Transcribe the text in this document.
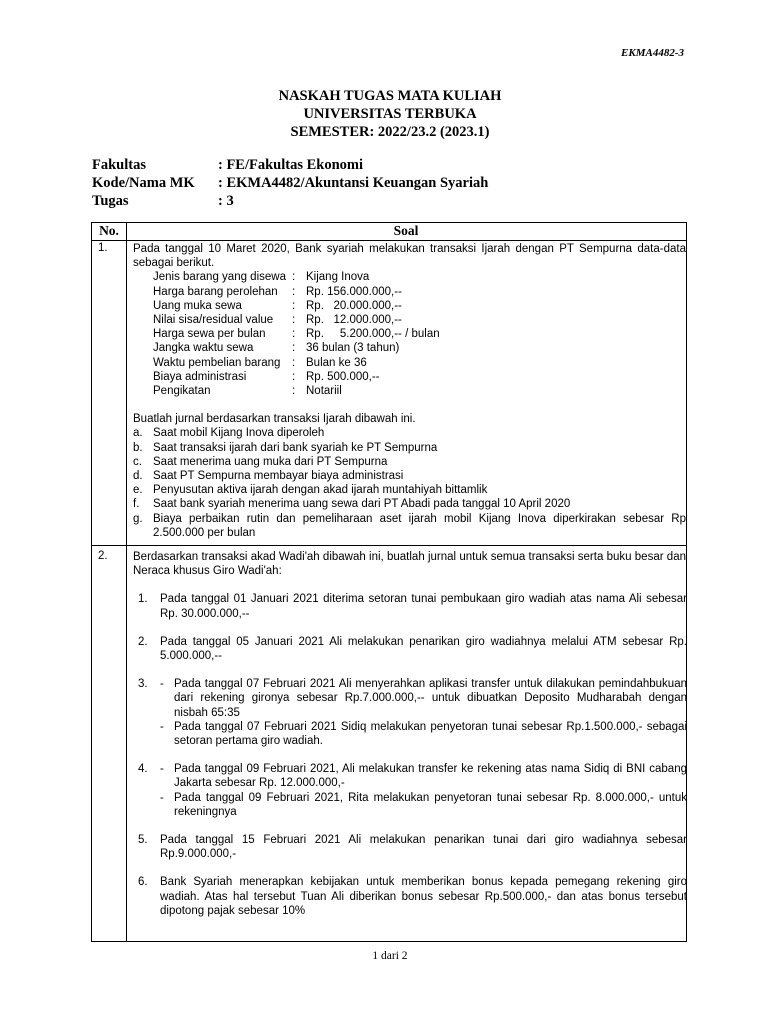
EKMA4482-3
NASKAH TUGAS MATA KULIAH
UNIVERSITAS TERBUKA
SEMESTER: 2022/23.2 (2023.1)
Fakultas	: FE/Fakultas Ekonomi
Kode/Nama MK	: EKMA4482/Akuntansi Keuangan Syariah
Tugas	: 3
No.	Soal
1. Pada tanggal 10 Maret 2020, Bank syariah melakukan transaksi Ijarah dengan PT Sempurna data-data sebagai berikut.
Jenis barang yang disewa : Kijang Inova
Harga barang perolehan	: Rp. 156.000.000,--
Uang muka sewa	: Rp.   20.000.000,--
Nilai sisa/residual value	: Rp.   12.000.000,--
Harga sewa per bulan	: Rp.     5.200.000,-- / bulan
Jangka waktu sewa	: 36 bulan (3 tahun)
Waktu pembelian barang	: Bulan ke 36
Biaya administrasi	: Rp. 500.000,--
Pengikatan	: Notariil
Buatlah jurnal berdasarkan transaksi Ijarah dibawah ini.
a. Saat mobil Kijang Inova diperoleh
b. Saat transaksi ijarah dari bank syariah ke PT Sempurna
c. Saat menerima uang muka dari PT Sempurna
d. Saat PT Sempurna membayar biaya administrasi
e. Penyusutan aktiva ijarah dengan akad ijarah muntahiyah bittamlik
f.	Saat bank syariah menerima uang sewa dari PT Abadi pada tanggal 10 April 2020
g. Biaya perbaikan rutin dan pemeliharaan aset ijarah mobil Kijang Inova diperkirakan sebesar Rp 2.500.000 per bulan
2. Berdasarkan transaksi akad Wadi'ah dibawah ini, buatlah jurnal untuk semua transaksi serta buku besar dan Neraca khusus Giro Wadi'ah:
1.	Pada tanggal 01 Januari 2021 diterima setoran tunai pembukaan giro wadiah atas nama Ali sebesar Rp. 30.000.000,--
2.	Pada tanggal 05 Januari 2021 Ali melakukan penarikan giro wadiahnya melalui ATM sebesar Rp. 5.000.000,--
3.	- Pada tanggal 07 Februari 2021 Ali menyerahkan aplikasi transfer untuk dilakukan pemindahbukuan dari rekening gironya sebesar Rp.7.000.000,-- untuk dibuatkan Deposito Mudharabah dengan nisbah 65:35
- Pada tanggal 07 Februari 2021 Sidiq melakukan penyetoran tunai sebesar Rp.1.500.000,- sebagai setoran pertama giro wadiah.
4.	- Pada tanggal 09 Februari 2021, Ali melakukan transfer ke rekening atas nama Sidiq di BNI cabang Jakarta sebesar Rp. 12.000.000,-
- Pada tanggal 09 Februari 2021, Rita melakukan penyetoran tunai sebesar Rp. 8.000.000,- untuk rekeningnya
5.	Pada tanggal 15 Februari 2021 Ali melakukan penarikan tunai dari giro wadiahnya sebesar Rp.9.000.000,-
6.	Bank Syariah menerapkan kebijakan untuk memberikan bonus kepada pemegang rekening giro wadiah. Atas hal tersebut Tuan Ali diberikan bonus sebesar Rp.500.000,- dan atas bonus tersebut dipotong pajak sebesar 10%
1 dari 2
